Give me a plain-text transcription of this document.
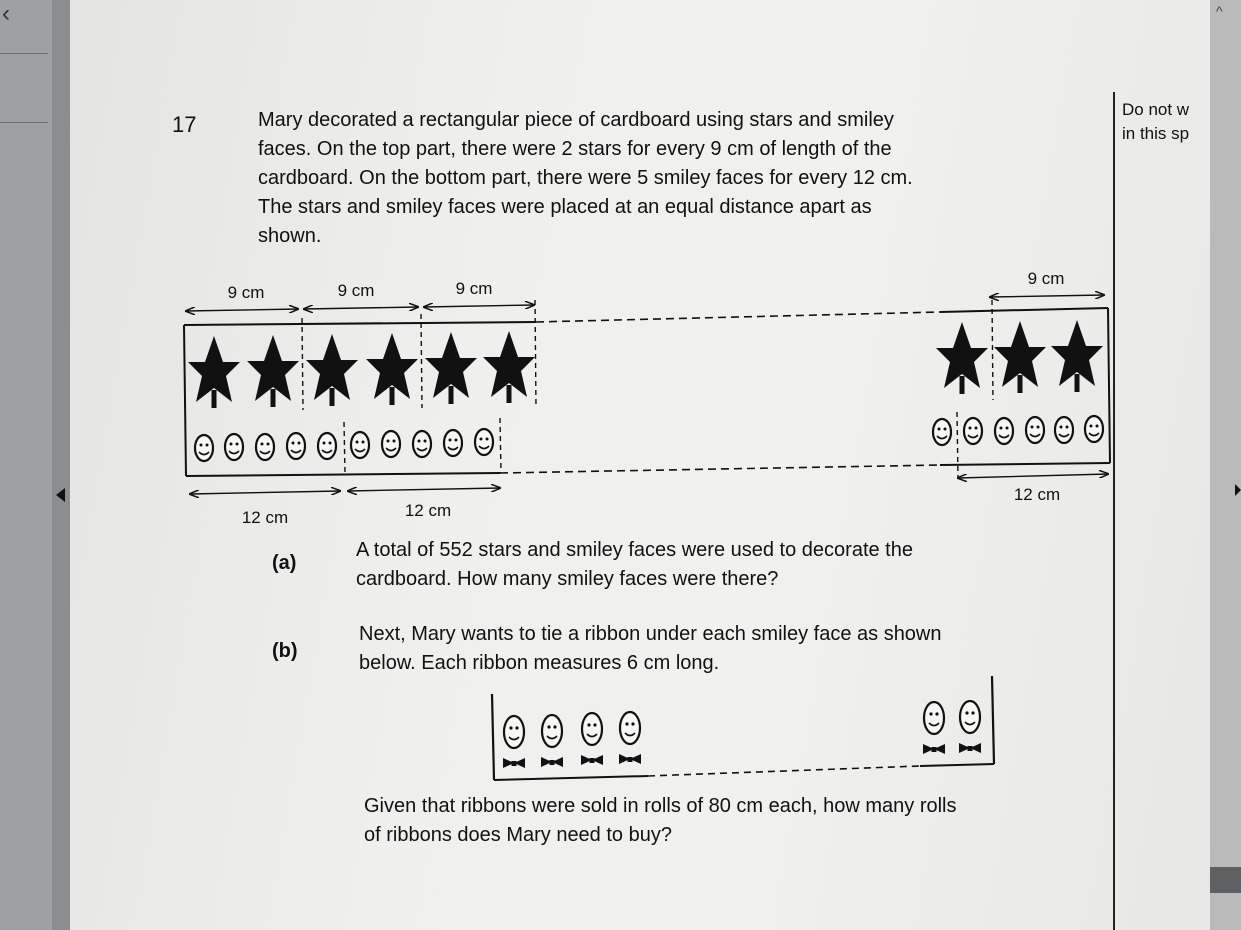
‹	^
Do not w
in this sp
17	Mary decorated a rectangular piece of cardboard using stars and smiley
faces. On the top part, there were 2 stars for every 9 cm of length of the
cardboard. On the bottom part, there were 5 smiley faces for every 12 cm.
The stars and smiley faces were placed at an equal distance apart as
shown.
9 cm	9 cm	9 cm
9 cm
12 cm	12 cm
12 cm
(a)
A total of 552 stars and smiley faces were used to decorate the
cardboard. How many smiley faces were there?
(b)
Next, Mary wants to tie a ribbon under each smiley face as shown
below. Each ribbon measures 6 cm long.
Given that ribbons were sold in rolls of 80 cm each, how many rolls
of ribbons does Mary need to buy?
